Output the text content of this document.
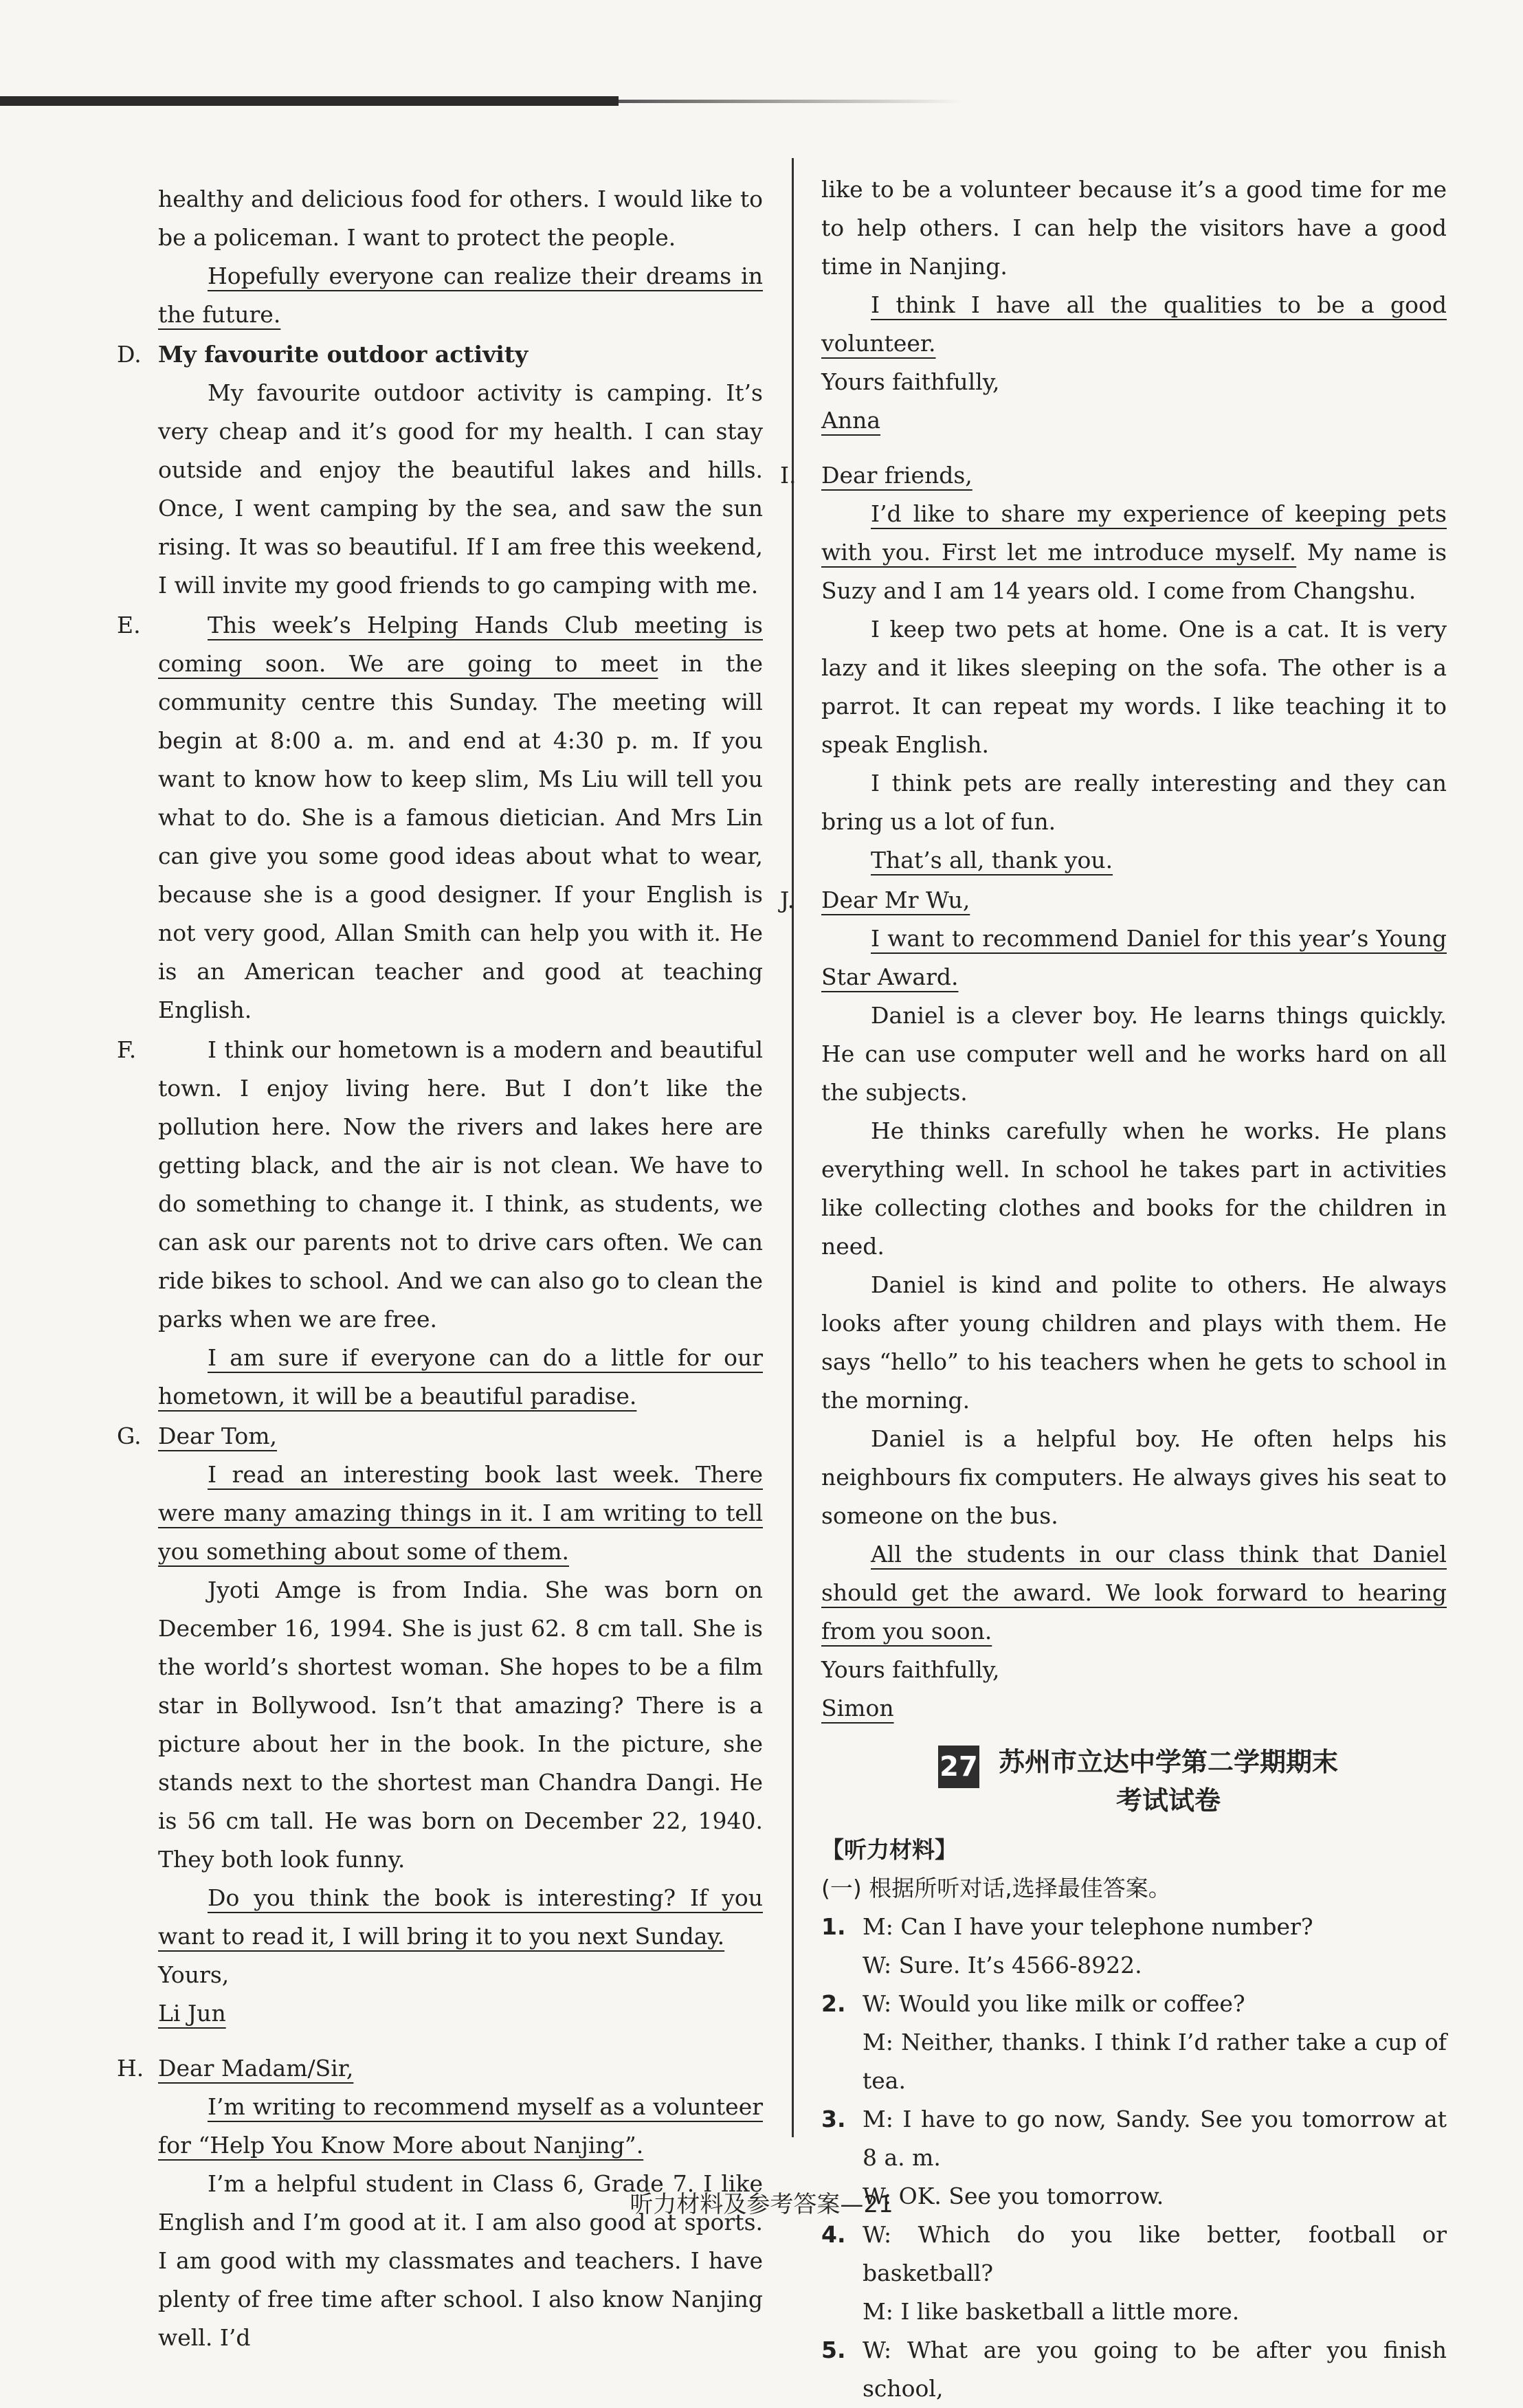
healthy and delicious food for others. I would like to be a policeman. I want to protect the people.

Hopefully everyone can realize their dreams in the future.

D. My favourite outdoor activity

My favourite outdoor activity is camping. It’s very cheap and it’s good for my health. I can stay outside and enjoy the beautiful lakes and hills. Once, I went camping by the sea, and saw the sun rising. It was so beautiful. If I am free this weekend, I will invite my good friends to go camping with me.

E.	This week’s Helping Hands Club meeting is coming soon. We are going to meet in the community centre this Sunday. The meeting will begin at 8:00 a. m. and end at 4:30 p. m. If you want to know how to keep slim, Ms Liu will tell you what to do. She is a famous dietician. And Mrs Lin can give you some good ideas about what to wear, because she is a good designer. If your English is not very good, Allan Smith can help you with it. He is an American teacher and good at teaching English.

F.	I think our hometown is a modern and beautiful town. I enjoy living here. But I don’t like the pollution here. Now the rivers and lakes here are getting black, and the air is not clean. We have to do something to change it. I think, as students, we can ask our parents not to drive cars often. We can ride bikes to school. And we can also go to clean the parks when we are free.

I am sure if everyone can do a little for our hometown, it will be a beautiful paradise.

G. Dear Tom,

I read an interesting book last week. There were many amazing things in it. I am writing to tell you something about some of them.

Jyoti Amge is from India. She was born on December 16, 1994. She is just 62. 8 cm tall. She is the world’s shortest woman. She hopes to be a film star in Bollywood. Isn’t that amazing? There is a picture about her in the book. In the picture, she stands next to the shortest man Chandra Dangi. He is 56 cm tall. He was born on December 22, 1940. They both look funny.

Do you think the book is interesting? If you want to read it, I will bring it to you next Sunday.

Yours,

Li Jun

H. Dear Madam/Sir,

I’m writing to recommend myself as a volunteer for “Help You Know More about Nanjing”.

I’m a helpful student in Class 6, Grade 7. I like English and I’m good at it. I am also good at sports. I am good with my classmates and teachers. I have plenty of free time after school. I also know Nanjing well. I’d

like to be a volunteer because it’s a good time for me to help others. I can help the visitors have a good time in Nanjing.

I think I have all the qualities to be a good volunteer.

Yours faithfully,

Anna

I.	Dear friends,

I’d like to share my experience of keeping pets with you. First let me introduce myself. My name is Suzy and I am 14 years old. I come from Changshu.

I keep two pets at home. One is a cat. It is very lazy and it likes sleeping on the sofa. The other is a parrot. It can repeat my words. I like teaching it to speak English.

I think pets are really interesting and they can bring us a lot of fun.

That’s all, thank you.

J.	Dear Mr Wu,

I want to recommend Daniel for this year’s Young Star Award.

Daniel is a clever boy. He learns things quickly. He can use computer well and he works hard on all the subjects.

He thinks carefully when he works. He plans everything well. In school he takes part in activities like collecting clothes and books for the children in need.

Daniel is kind and polite to others. He always looks after young children and plays with them. He says “hello” to his teachers when he gets to school in the morning.

Daniel is a helpful boy. He often helps his neighbours fix computers. He always gives his seat to someone on the bus.

All the students in our class think that Daniel should get the award. We look forward to hearing from you soon.

Yours faithfully,

Simon

27 苏州市立达中学第二学期期末
考试试卷

【听力材料】

(一) 根据所听对话,选择最佳答案。

1. M: Can I have your telephone number?

W: Sure. It’s 4566-8922.

2. W: Would you like milk or coffee?

M: Neither, thanks. I think I’d rather take a cup of tea.

3. M: I have to go now, Sandy. See you tomorrow at 8 a. m.

W: OK. See you tomorrow.

4. W: Which do you like better, football or basketball?

M: I like basketball a little more.

5. W: What are you going to be after you finish school,

听力材料及参考答案—21
